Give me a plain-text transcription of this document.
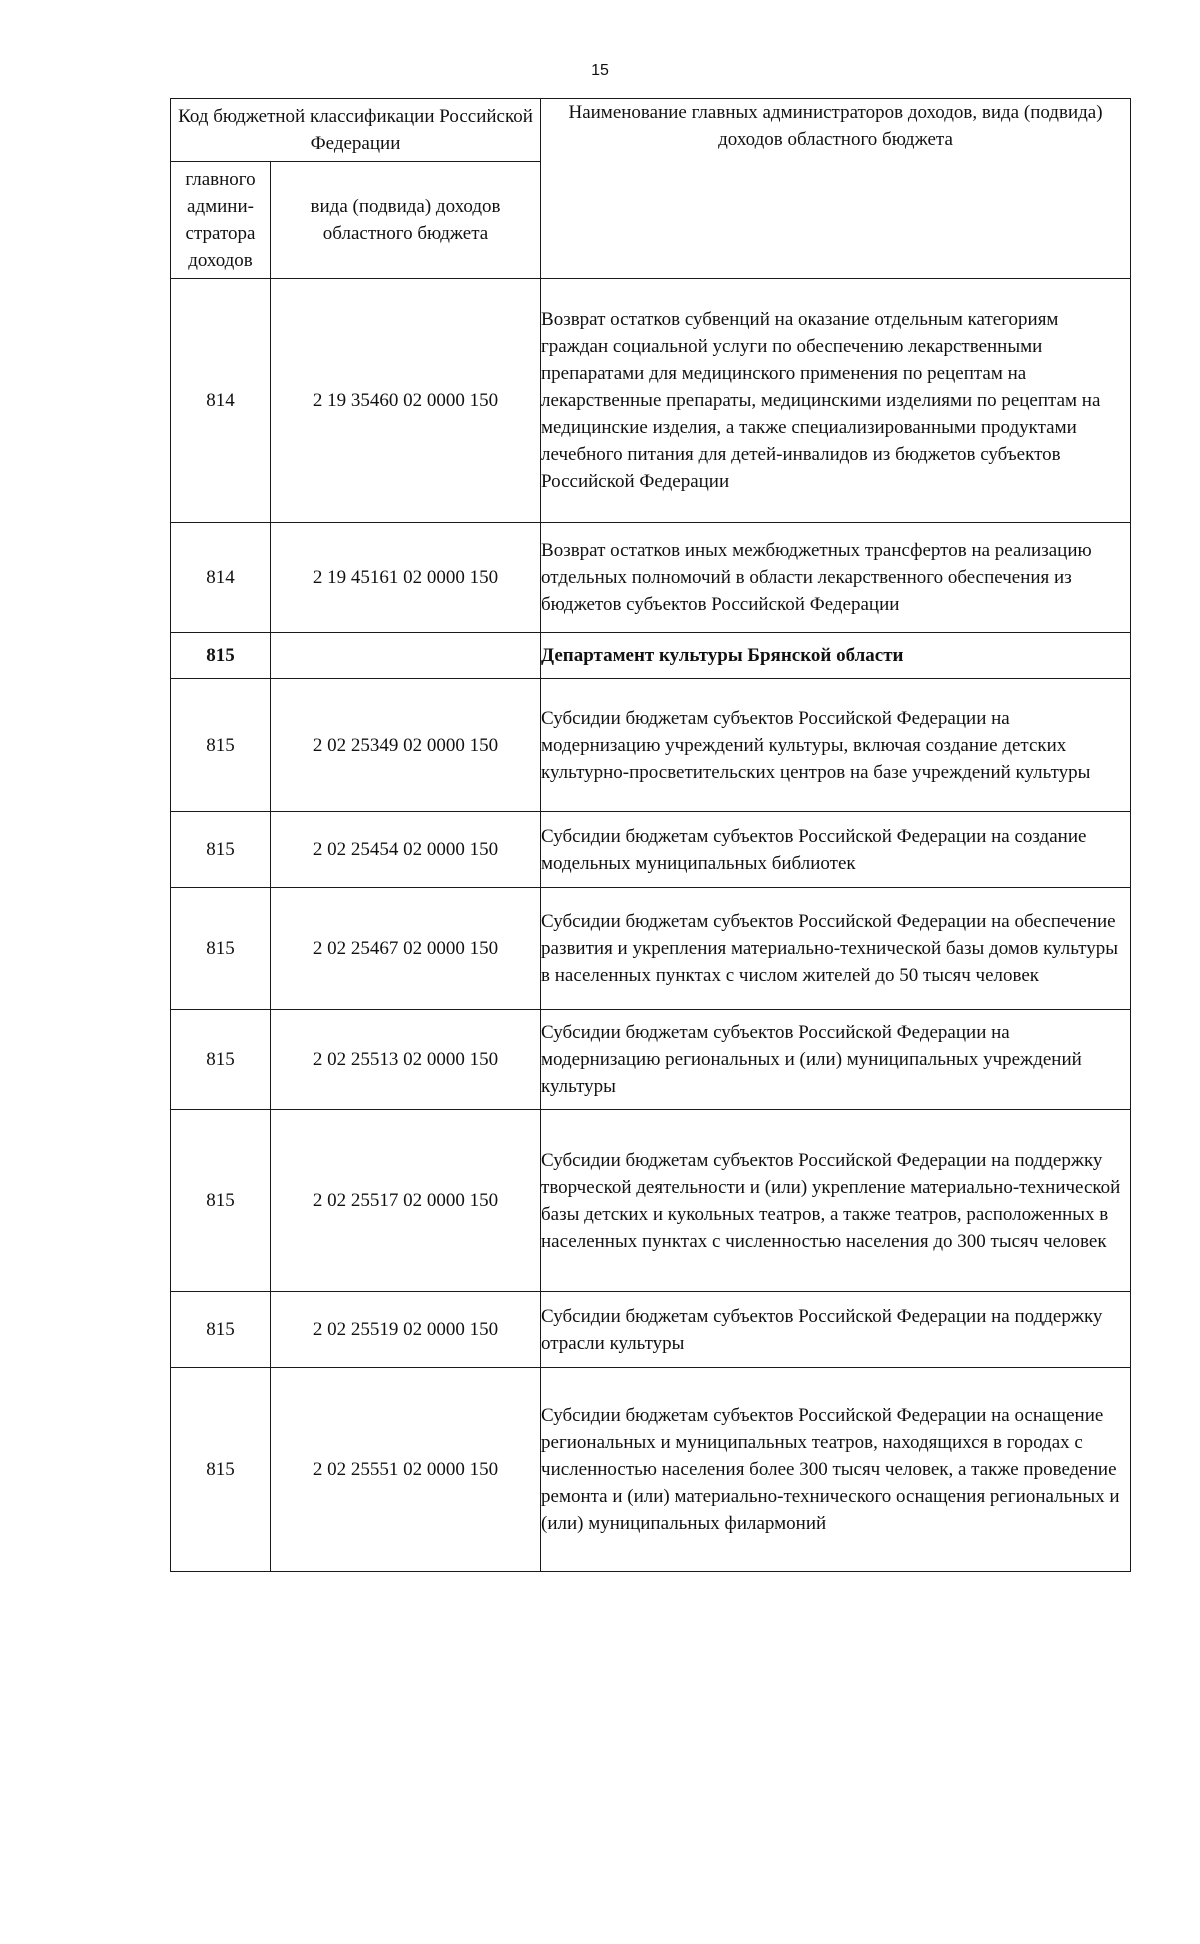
15
Код бюджетной классификации Российской Федерации		Наименование главных администраторов доходов, вида (подвида) доходов областного бюджета
главного админи-стратора доходов	вида (подвида) доходов областного бюджета	
814	2 19 35460 02 0000 150	Возврат остатков субвенций на оказание отдельным категориям граждан социальной услуги по обеспечению лекарственными препаратами для медицинского применения по рецептам на лекарственные препараты, медицинскими изделиями по рецептам на медицинские изделия, а также специализированными продуктами лечебного питания для детей-инвалидов из бюджетов субъектов Российской Федерации
814	2 19 45161 02 0000 150	Возврат остатков иных межбюджетных трансфертов на реализацию отдельных полномочий в области лекарственного обеспечения из бюджетов субъектов Российской Федерации
815		Департамент культуры Брянской области
815	2 02 25349 02 0000 150	Субсидии бюджетам субъектов Российской Федерации на модернизацию учреждений культуры, включая создание детских культурно-просветительских центров на базе учреждений культуры
815	2 02 25454 02 0000 150	Субсидии бюджетам субъектов Российской Федерации на создание модельных муниципальных библиотек
815	2 02 25467 02 0000 150	Субсидии бюджетам субъектов Российской Федерации на обеспечение развития и укрепления материально-технической базы домов культуры в населенных пунктах с числом жителей до 50 тысяч человек
815	2 02 25513 02 0000 150	Субсидии бюджетам субъектов Российской Федерации на модернизацию региональных и (или) муниципальных учреждений культуры
815	2 02 25517 02 0000 150	Субсидии бюджетам субъектов Российской Федерации на поддержку творческой деятельности и (или) укрепление материально-технической базы детских и кукольных театров, а также театров, расположенных в населенных пунктах с численностью населения до 300 тысяч человек
815	2 02 25519 02 0000 150	Субсидии бюджетам субъектов Российской Федерации на поддержку отрасли культуры
815	2 02 25551 02 0000 150	Субсидии бюджетам субъектов Российской Федерации на оснащение региональных и муниципальных театров, находящихся в городах с численностью населения более 300 тысяч человек, а также проведение ремонта и (или) материально-технического оснащения региональных и (или) муниципальных филармоний
